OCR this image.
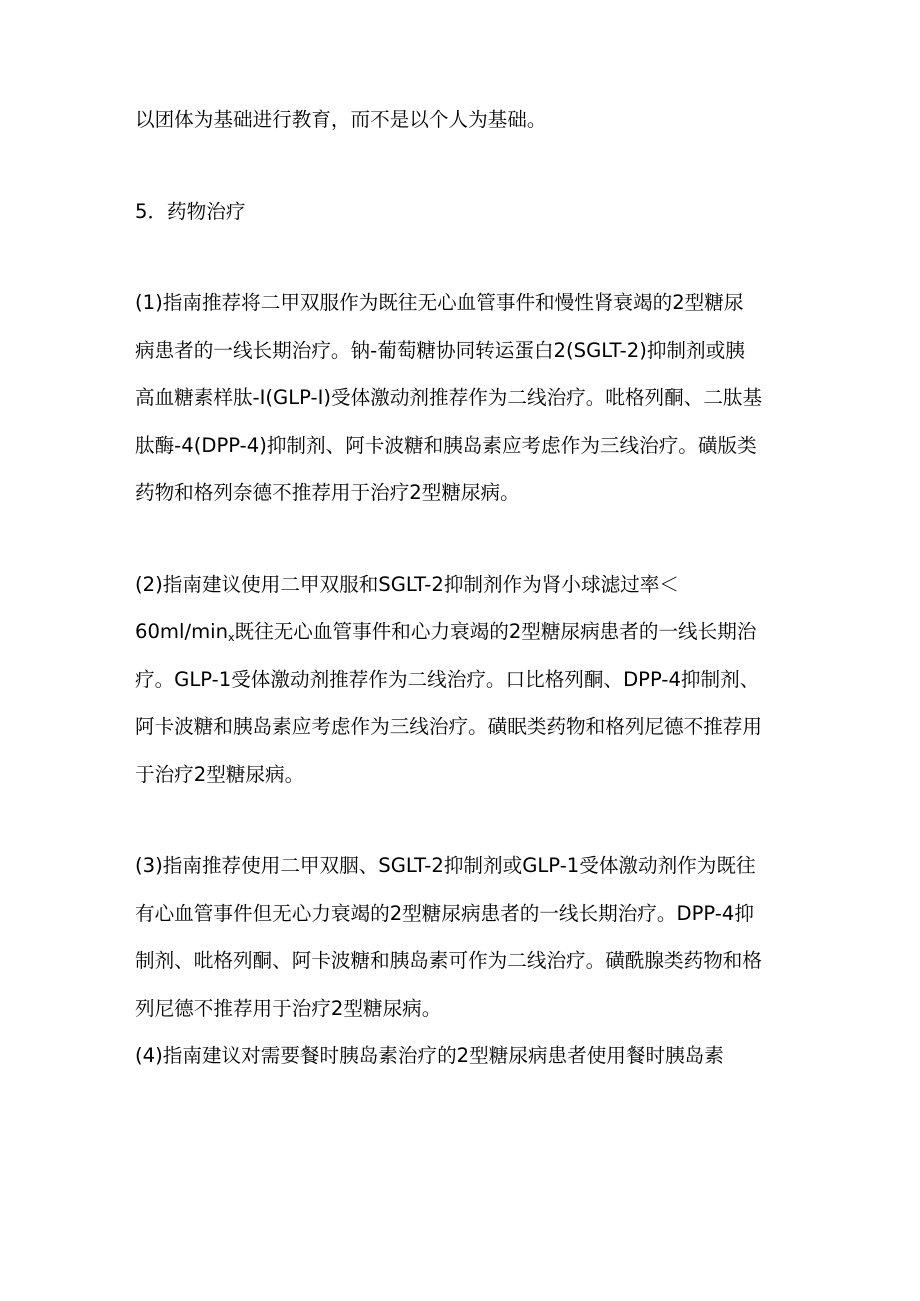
以团体为基础进行教育，而不是以个人为基础。

5．药物治疗

(1)指南推荐将二甲双服作为既往无心血管事件和慢性肾衰竭的2型糖尿
病患者的一线长期治疗。钠-葡萄糖协同转运蛋白2(SGLT-2)抑制剂或胰
高血糖素样肽-I(GLP-I)受体激动剂推荐作为二线治疗。吡格列酮、二肽基
肽酶-4(DPP-4)抑制剂、阿卡波糖和胰岛素应考虑作为三线治疗。磺版类
药物和格列奈德不推荐用于治疗2型糖尿病。

(2)指南建议使用二甲双服和SGLT-2抑制剂作为肾小球滤过率＜
$60ml∕\min_x$既往无心血管事件和心力衰竭的2型糖尿病患者的一线长期治
疗。GLP-1受体激动剂推荐作为二线治疗。口比格列酮、DPP-4抑制剂、
阿卡波糖和胰岛素应考虑作为三线治疗。磺眠类药物和格列尼德不推荐用
于治疗2型糖尿病。

(3)指南推荐使用二甲双胭、SGLT-2抑制剂或GLP-1受体激动剂作为既往
有心血管事件但无心力衰竭的2型糖尿病患者的一线长期治疗。DPP-4抑
制剂、吡格列酮、阿卡波糖和胰岛素可作为二线治疗。磺酰腺类药物和格
列尼德不推荐用于治疗2型糖尿病。

(4)指南建议对需要餐时胰岛素治疗的2型糖尿病患者使用餐时胰岛素
